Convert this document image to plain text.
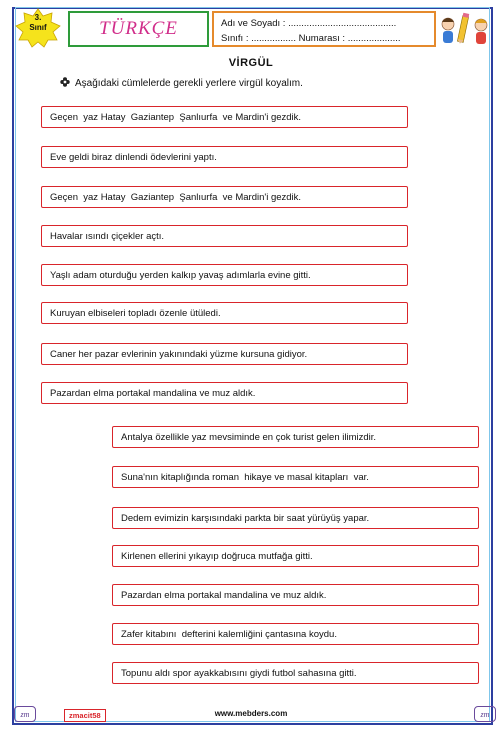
3.
Sınıf	TÜRKÇE	Adı ve Soyadı : .........................................
Sınıfı : ................. Numarası : ....................
VİRGÜL
Aşağıdaki cümlelerde gerekli yerlere virgül koyalım.
Geçen  yaz Hatay  Gaziantep  Şanlıurfa  ve Mardin'i gezdik.
Eve geldi biraz dinlendi ödevlerini yaptı.
Geçen  yaz Hatay  Gaziantep  Şanlıurfa  ve Mardin'i gezdik.
Havalar ısındı çiçekler açtı.
Yaşlı adam oturduğu yerden kalkıp yavaş adımlarla evine gitti.
Kuruyan elbiseleri topladı özenle ütüledi.
Caner her pazar evlerinin yakınındaki yüzme kursuna gidiyor.
Pazardan elma portakal mandalina ve muz aldık.
Antalya özellikle yaz mevsiminde en çok turist gelen ilimizdir.
Suna'nın kitaplığında roman  hikaye ve masal kitapları  var.
Dedem evimizin karşısındaki parkta bir saat yürüyüş yapar.
Kirlenen ellerini yıkayıp doğruca mutfağa gitti.
Pazardan elma portakal mandalina ve muz aldık.
Zafer kitabını  defterini kalemliğini çantasına koydu.
Topunu aldı spor ayakkabısını giydi futbol sahasına gitti.
zm	zmacit58	www.mebders.com	zm
